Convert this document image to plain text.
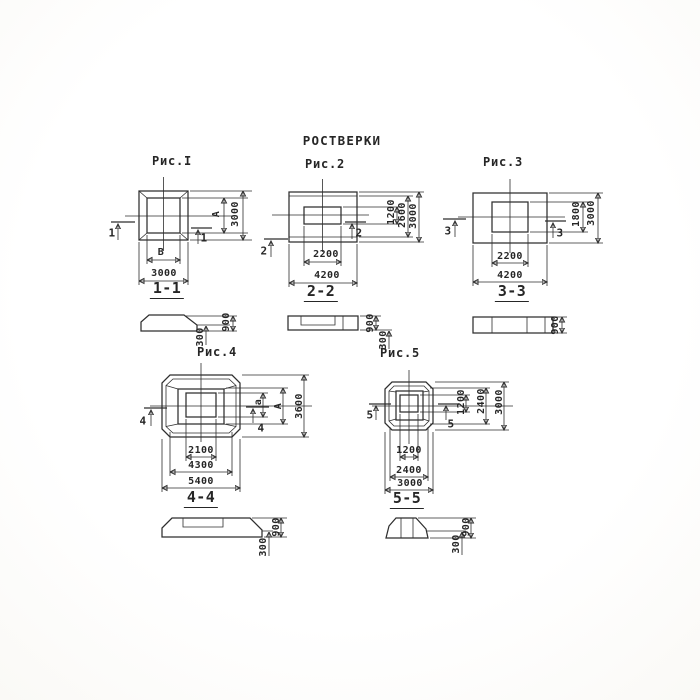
РОСТВЕРКИ
Рис.I
В
3000
А 3000
1	1
1-1
300
900
Рис.2
2200
4200
1200 2600 3000
2
2
2-2
900
300
Рис.3
2200
4200
1800 3000
3	3
3-3
900
Рис.4
2100
4300
5400
а
А 3600
4
4
4-4
900
300
Рис.5
1200
2400
3000
1200 2400 3000
5
5
5-5
900
300
